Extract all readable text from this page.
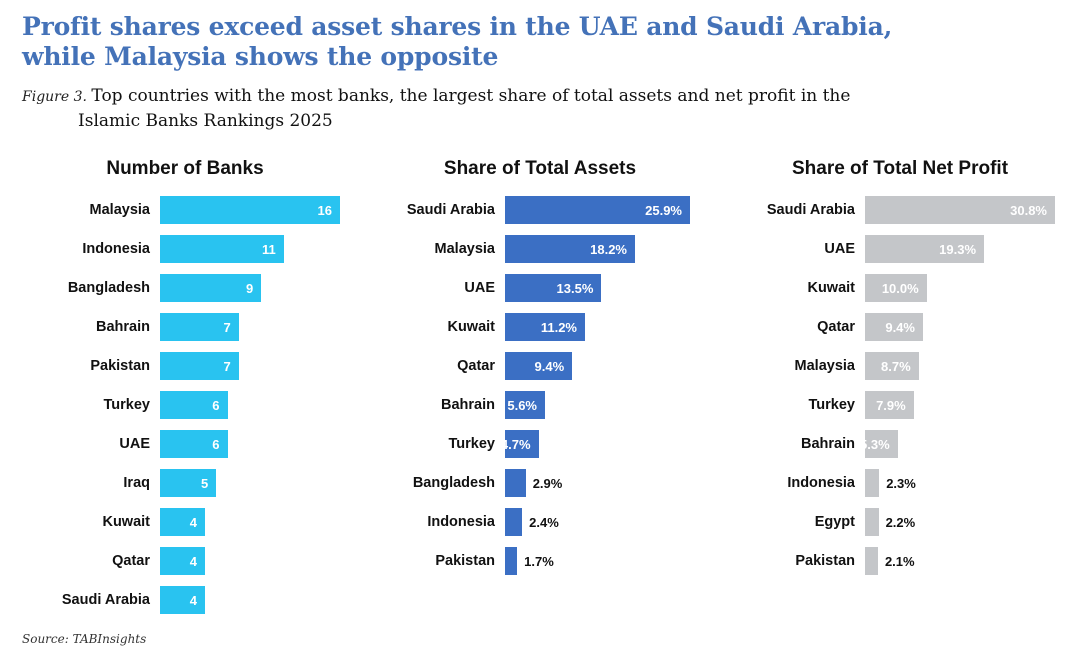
Profit shares exceed asset shares in the UAE and Saudi Arabia, while Malaysia shows the opposite
Figure 3. Top countries with the most banks, the largest share of total assets and net profit in the
Islamic Banks Rankings 2025
Number of Banks
Malaysia	16
Indonesia	11
Bangladesh	9
Bahrain	7
Pakistan	7
Turkey	6
UAE	6
Iraq	5
Kuwait	4
Qatar	4
Saudi Arabia	4
Share of Total Assets
Saudi Arabia	25.9%
Malaysia	18.2%
UAE	13.5%
Kuwait	11.2%
Qatar	9.4%
Bahrain 5.6%
Turkey 4.7%
Bangladesh	2.9%
Indonesia	2.4%
Pakistan	1.7%
Share of Total Net Profit
Saudi Arabia	30.8%
UAE	19.3%
Kuwait	10.0%
Qatar	9.4%
Malaysia	8.7%
Turkey	7.9%
Bahrain 5.3%
Indonesia	2.3%
Egypt	2.2%
Pakistan	2.1%
Source: TABInsights
